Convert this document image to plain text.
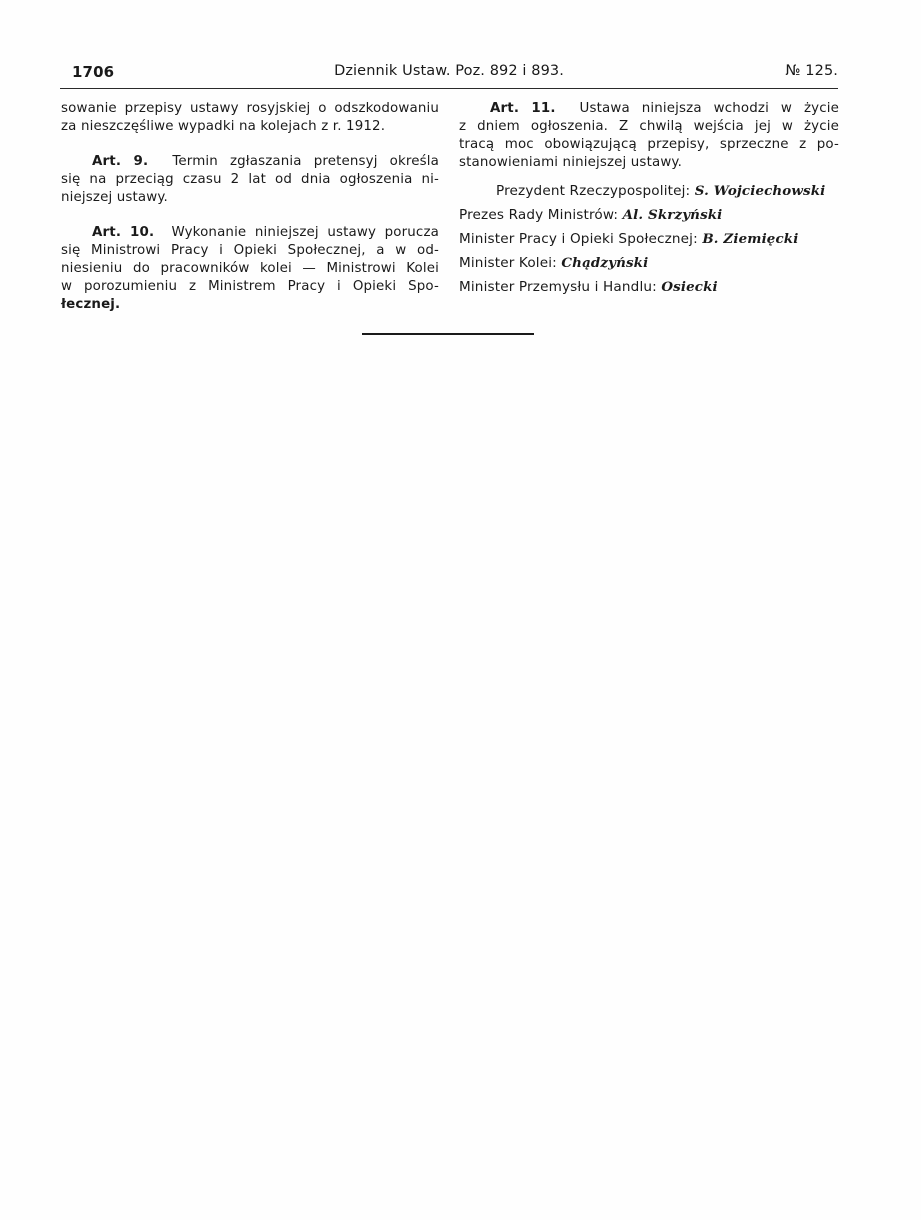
1706	Dziennik Ustaw. Poz. 892 i 893.	№ 125.
sowanie przepisy ustawy rosyjskiej o odszkodowaniu
za nieszczęśliwe wypadki na kolejach z r. 1912.
Art. 9. Termin zgłaszania pretensyj określa
się na przeciąg czasu 2 lat od dnia ogłoszenia ni-
niejszej ustawy.
Art. 10. Wykonanie niniejszej ustawy porucza
się Ministrowi Pracy i Opieki Społecznej, a w od-
niesieniu do pracowników kolei — Ministrowi Kolei
w porozumieniu z Ministrem Pracy i Opieki Spo-
łecznej.
Art. 11. Ustawa niniejsza wchodzi w życie
z dniem ogłoszenia. Z chwilą wejścia jej w życie
tracą moc obowiązującą przepisy, sprzeczne z po-
stanowieniami niniejszej ustawy.
Prezydent Rzeczypospolitej: S. Wojciechowski
Prezes Rady Ministrów: Al. Skrzyński
Minister Pracy i Opieki Społecznej: B. Ziemięcki
Minister Kolei: Chądzyński
Minister Przemysłu i Handlu: Osiecki
